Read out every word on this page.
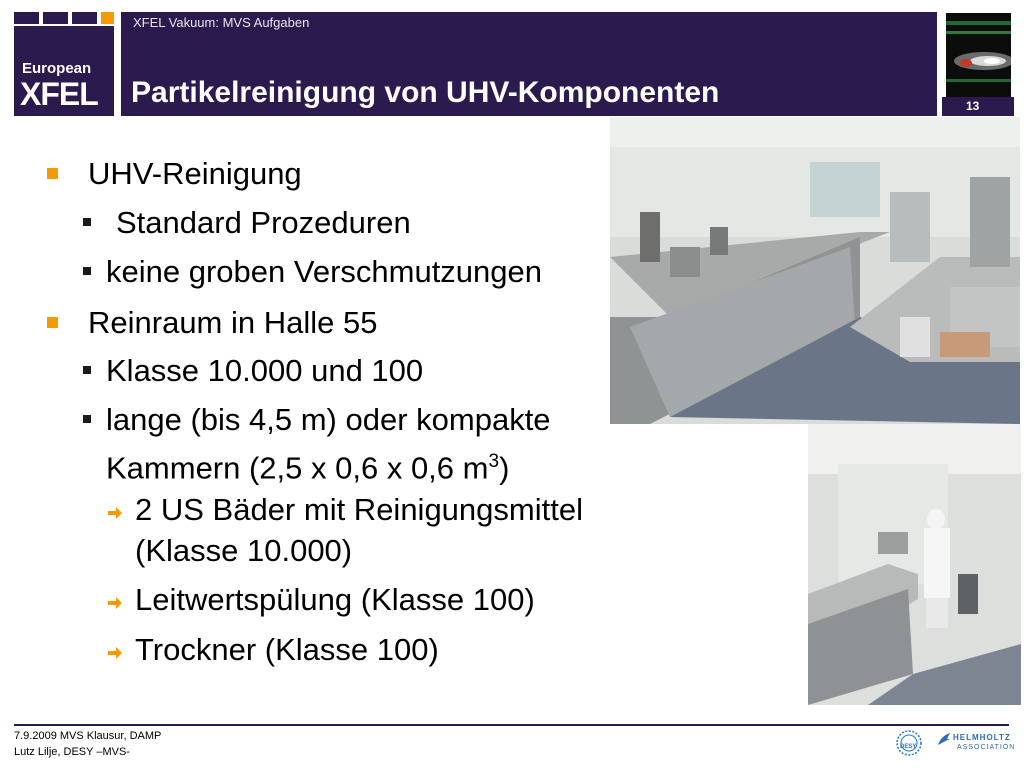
European
XFEL
XFEL Vakuum: MVS Aufgaben
Partikelreinigung von UHV-Komponenten	13
UHV-Reinigung
Standard Prozeduren
keine groben Verschmutzungen
Reinraum in Halle 55
Klasse 10.000 und 100
lange (bis 4,5 m) oder kompakte
Kammern (2,5 x 0,6 x 0,6 $m^3$)
2 US Bäder mit Reinigungsmittel
(Klasse 10.000)
Leitwertspülung (Klasse 100)
Trockner (Klasse 100)
7.9.2009 MVS Klausur, DAMP
Lutz Lilje, DESY –MVS-	DESY
HELMHOLTZ
ASSOCIATION
